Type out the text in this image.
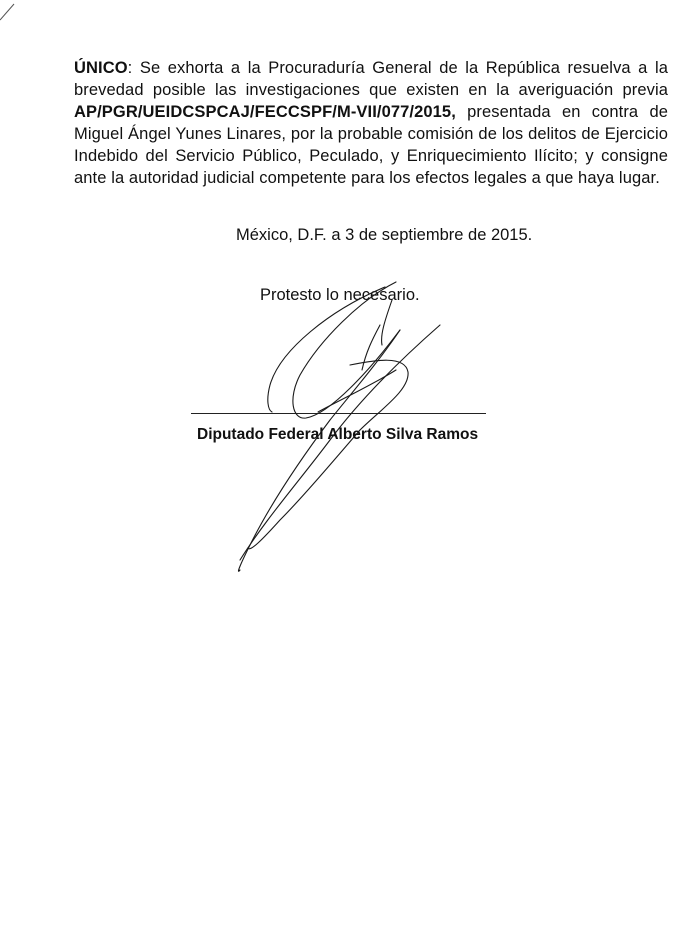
ÚNICO: Se exhorta a la Procuraduría General de la República resuelva a la brevedad posible las investigaciones que existen en la averiguación previa AP/PGR/UEIDCSPCAJ/FECCSPF/M-VII/077/2015, presentada en contra de Miguel Ángel Yunes Linares, por la probable comisión de los delitos de Ejercicio Indebido del Servicio Público, Peculado, y Enriquecimiento Ilícito; y consigne ante la autoridad judicial competente para los efectos legales a que haya lugar.
México, D.F. a 3 de septiembre de 2015.
Protesto lo necesario.
Diputado Federal Alberto Silva Ramos
